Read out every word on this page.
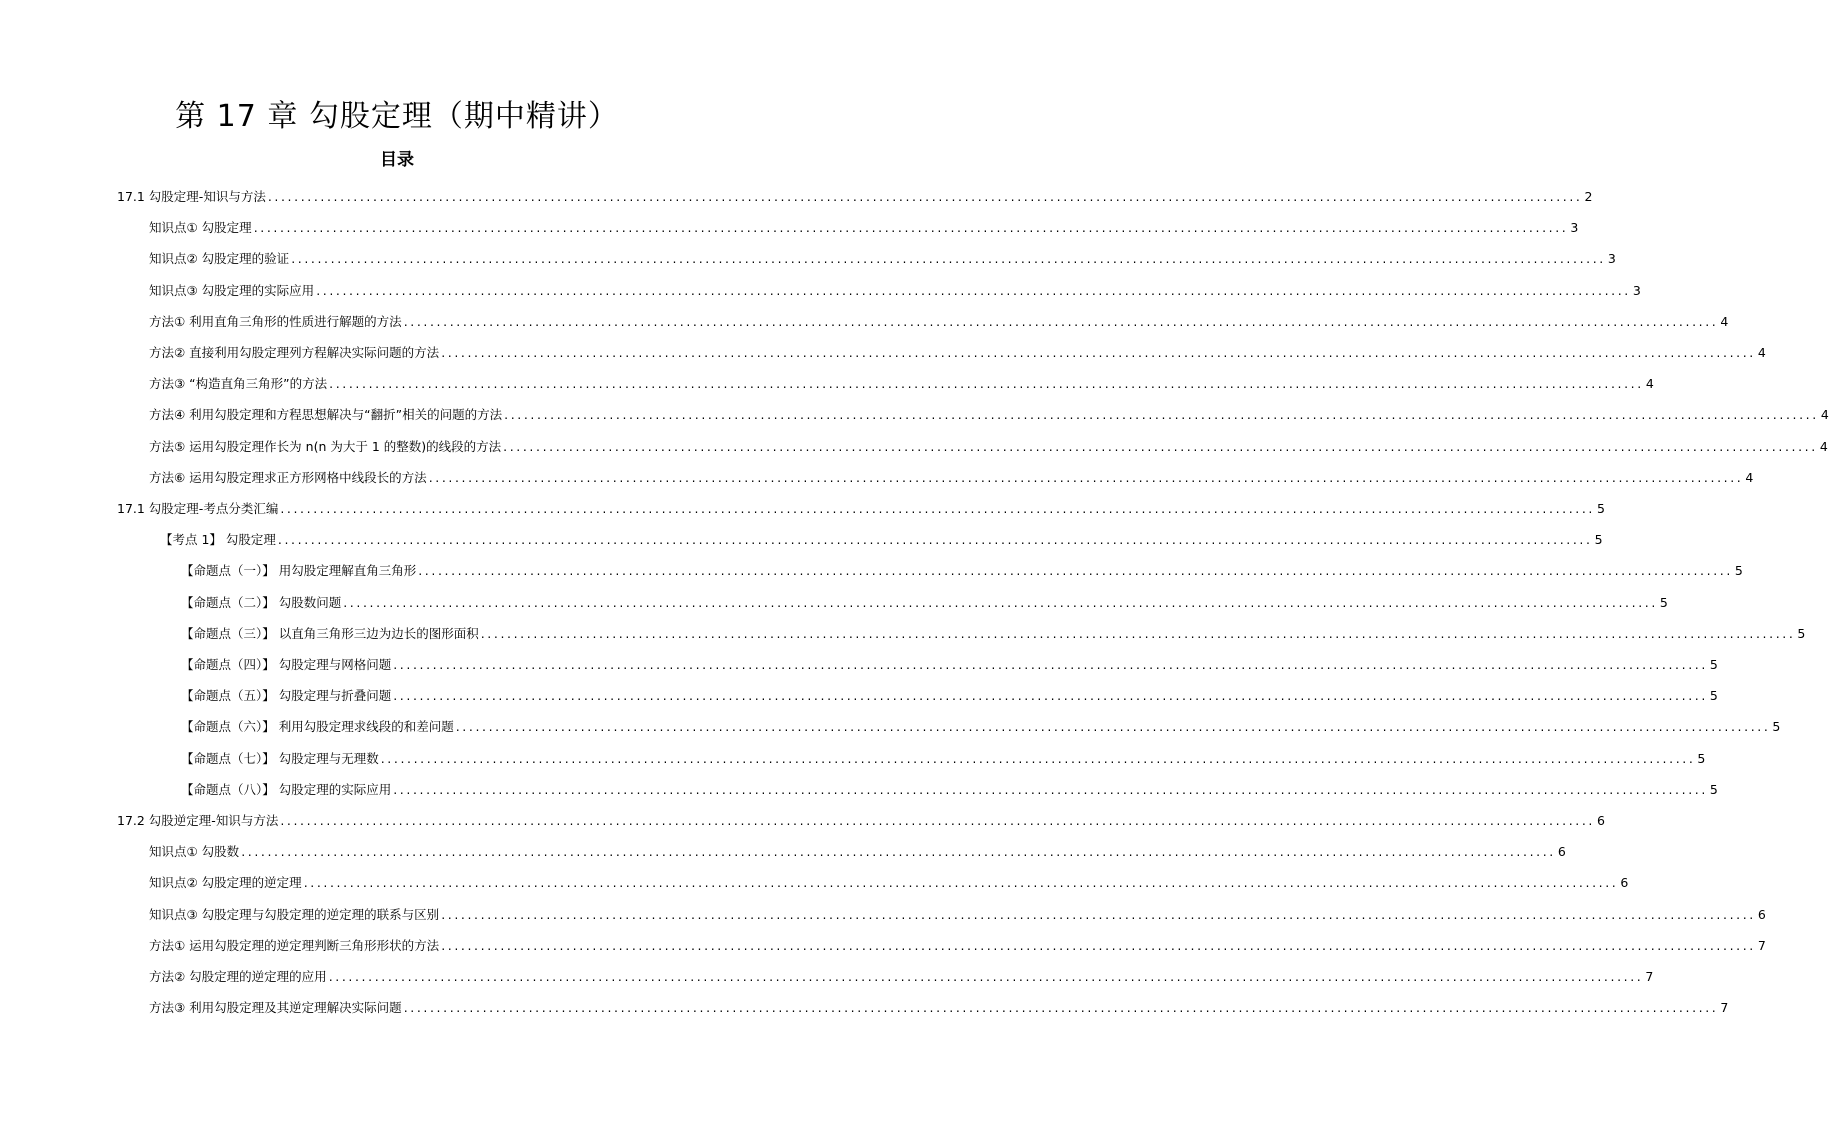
第 17 章 勾股定理（期中精讲）
目录
17.1 勾股定理-知识与方法 ........................................................................................................................................................................................................ 2
知识点① 勾股定理 ........................................................................................................................................................................................................ 3
知识点② 勾股定理的验证 ........................................................................................................................................................................................................ 3
知识点③ 勾股定理的实际应用 ........................................................................................................................................................................................................ 3
方法① 利用直角三角形的性质进行解题的方法 ........................................................................................................................................................................................................ 4
方法② 直接利用勾股定理列方程解决实际问题的方法 ........................................................................................................................................................................................................ 4
方法③ “构造直角三角形”的方法 ........................................................................................................................................................................................................ 4
方法④ 利用勾股定理和方程思想解决与“翻折”相关的问题的方法 ........................................................................................................................................................................................................ 4
方法⑤ 运用勾股定理作长为 n(n 为大于 1 的整数)的线段的方法 ........................................................................................................................................................................................................ 4
方法⑥ 运用勾股定理求正方形网格中线段长的方法 ........................................................................................................................................................................................................ 4
17.1 勾股定理-考点分类汇编 ........................................................................................................................................................................................................ 5
【考点 1】 勾股定理 ........................................................................................................................................................................................................ 5
【命题点（一）】 用勾股定理解直角三角形 ........................................................................................................................................................................................................ 5
【命题点（二）】 勾股数问题 ........................................................................................................................................................................................................ 5
【命题点（三）】 以直角三角形三边为边长的图形面积 ........................................................................................................................................................................................................ 5
【命题点（四）】 勾股定理与网格问题 ........................................................................................................................................................................................................ 5
【命题点（五）】 勾股定理与折叠问题 ........................................................................................................................................................................................................ 5
【命题点（六）】 利用勾股定理求线段的和差问题 ........................................................................................................................................................................................................ 5
【命题点（七）】 勾股定理与无理数 ........................................................................................................................................................................................................ 5
【命题点（八）】 勾股定理的实际应用 ........................................................................................................................................................................................................ 5
17.2 勾股逆定理-知识与方法 ........................................................................................................................................................................................................ 6
知识点① 勾股数 ........................................................................................................................................................................................................ 6
知识点② 勾股定理的逆定理 ........................................................................................................................................................................................................ 6
知识点③ 勾股定理与勾股定理的逆定理的联系与区别 ........................................................................................................................................................................................................ 6
方法① 运用勾股定理的逆定理判断三角形形状的方法 ........................................................................................................................................................................................................ 7
方法② 勾股定理的逆定理的应用 ........................................................................................................................................................................................................ 7
方法③ 利用勾股定理及其逆定理解决实际问题 ........................................................................................................................................................................................................ 7
